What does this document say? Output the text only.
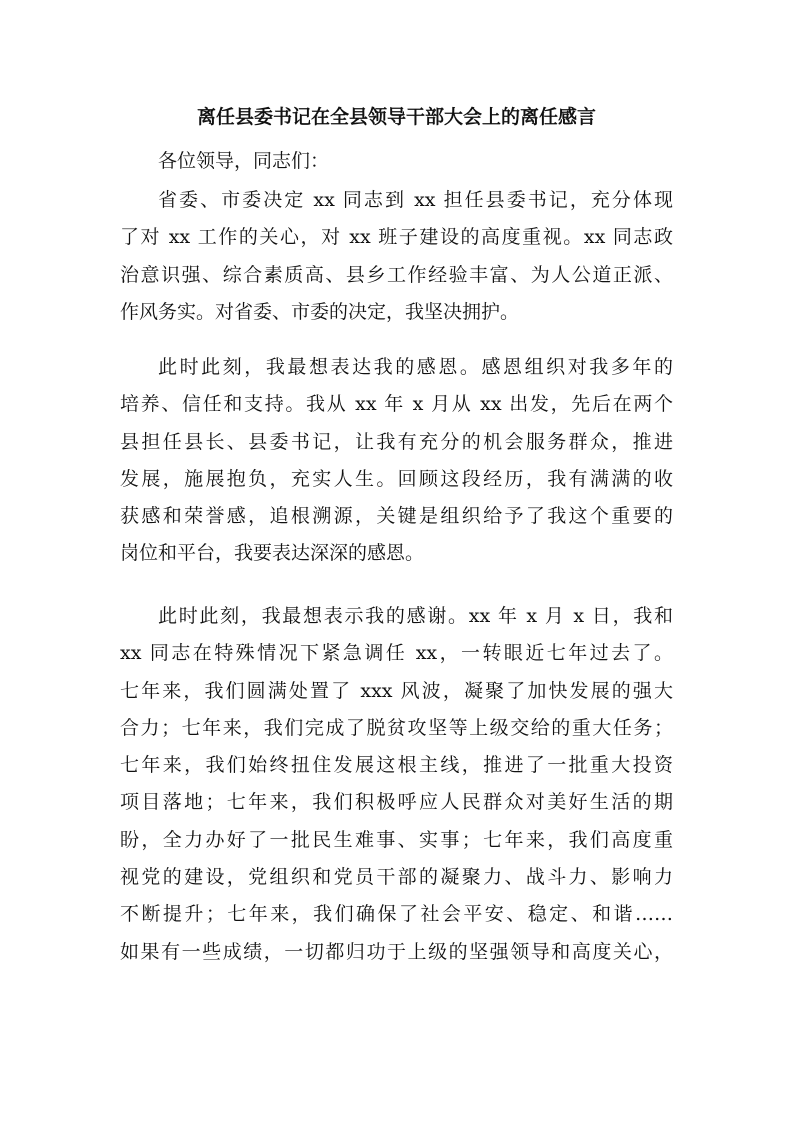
离任县委书记在全县领导干部大会上的离任感言
各位领导，同志们：
省委、市委决定 xx 同志到 xx 担任县委书记，充分体现
了对 xx 工作的关心，对 xx 班子建设的高度重视。xx 同志政
治意识强、综合素质高、县乡工作经验丰富、为人公道正派、
作风务实。对省委、市委的决定，我坚决拥护。
此时此刻，我最想表达我的感恩。感恩组织对我多年的
培养、信任和支持。我从 xx 年 x 月从 xx 出发，先后在两个
县担任县长、县委书记，让我有充分的机会服务群众，推进
发展，施展抱负，充实人生。回顾这段经历，我有满满的收
获感和荣誉感，追根溯源，关键是组织给予了我这个重要的
岗位和平台，我要表达深深的感恩。
此时此刻，我最想表示我的感谢。xx 年 x 月 x 日，我和
xx 同志在特殊情况下紧急调任 xx，一转眼近七年过去了。
七年来，我们圆满处置了 xxx 风波，凝聚了加快发展的强大
合力；七年来，我们完成了脱贫攻坚等上级交给的重大任务；
七年来，我们始终扭住发展这根主线，推进了一批重大投资
项目落地；七年来，我们积极呼应人民群众对美好生活的期
盼，全力办好了一批民生难事、实事；七年来，我们高度重
视党的建设，党组织和党员干部的凝聚力、战斗力、影响力
不断提升；七年来，我们确保了社会平安、稳定、和谐……
如果有一些成绩，一切都归功于上级的坚强领导和高度关心，
